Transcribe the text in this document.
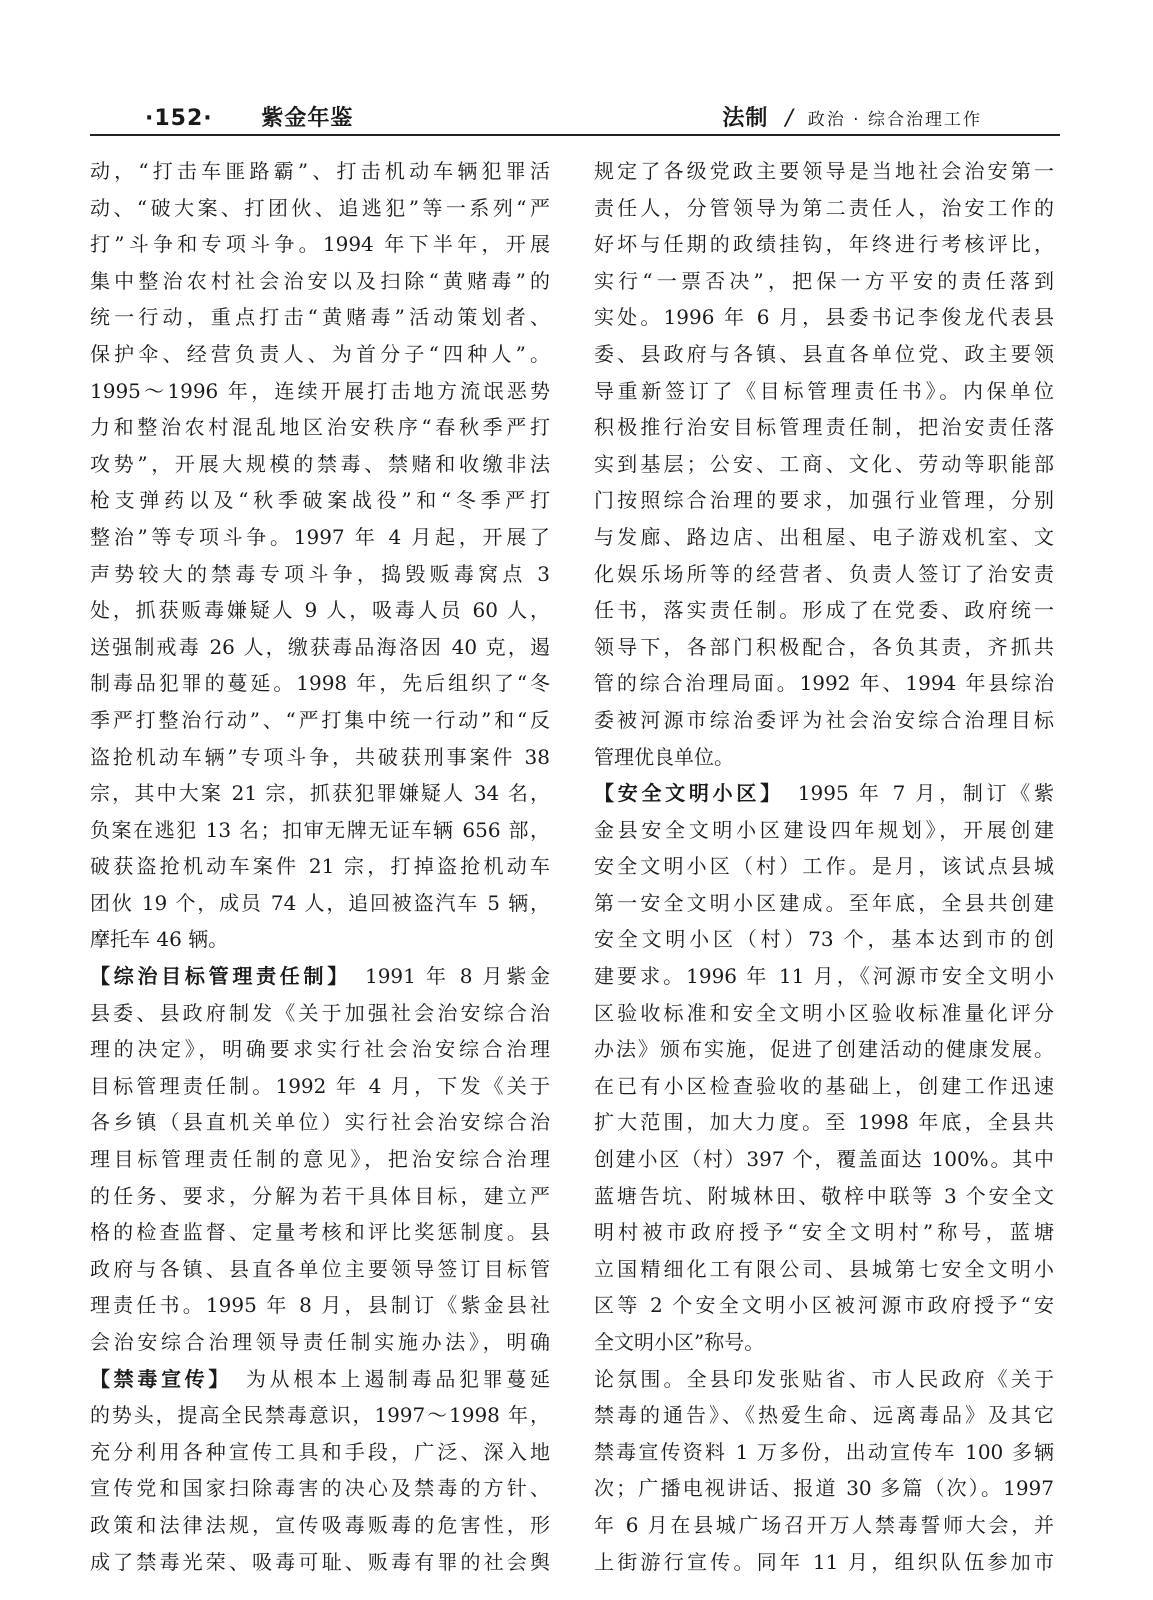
·152· 紫金年鉴	法制 / 政治 · 综合治理工作
动，“打击车匪路霸”、打击机动车辆犯罪活
动、“破大案、打团伙、追逃犯”等一系列“严
打”斗争和专项斗争。1994 年下半年，开展
集中整治农村社会治安以及扫除“黄赌毒”的
统一行动，重点打击“黄赌毒”活动策划者、
保护伞、经营负责人、为首分子“四种人”。
1995～1996 年，连续开展打击地方流氓恶势
力和整治农村混乱地区治安秩序“春秋季严打
攻势”，开展大规模的禁毒、禁赌和收缴非法
枪支弹药以及“秋季破案战役”和“冬季严打
整治”等专项斗争。1997 年 4 月起，开展了
声势较大的禁毒专项斗争，捣毁贩毒窝点 3
处，抓获贩毒嫌疑人 9 人，吸毒人员 60 人，
送强制戒毒 26 人，缴获毒品海洛因 40 克，遏
制毒品犯罪的蔓延。1998 年，先后组织了“冬
季严打整治行动”、“严打集中统一行动”和“反
盗抢机动车辆”专项斗争，共破获刑事案件 38
宗，其中大案 21 宗，抓获犯罪嫌疑人 34 名，
负案在逃犯 13 名；扣审无牌无证车辆 656 部，
破获盗抢机动车案件 21 宗，打掉盗抢机动车
团伙 19 个，成员 74 人，追回被盗汽车 5 辆，
摩托车 46 辆。
【综治目标管理责任制】 1991 年 8 月紫金
县委、县政府制发《关于加强社会治安综合治
理的决定》，明确要求实行社会治安综合治理
目标管理责任制。1992 年 4 月，下发《关于
各乡镇（县直机关单位）实行社会治安综合治
理目标管理责任制的意见》，把治安综合治理
的任务、要求，分解为若干具体目标，建立严
格的检查监督、定量考核和评比奖惩制度。县
政府与各镇、县直各单位主要领导签订目标管
理责任书。1995 年 8 月，县制订《紫金县社
会治安综合治理领导责任制实施办法》，明确
【禁毒宣传】 为从根本上遏制毒品犯罪蔓延
的势头，提高全民禁毒意识，1997～1998 年，
充分利用各种宣传工具和手段，广泛、深入地
宣传党和国家扫除毒害的决心及禁毒的方针、
政策和法律法规，宣传吸毒贩毒的危害性，形
成了禁毒光荣、吸毒可耻、贩毒有罪的社会舆
规定了各级党政主要领导是当地社会治安第一
责任人，分管领导为第二责任人，治安工作的
好坏与任期的政绩挂钩，年终进行考核评比，
实行“一票否决”，把保一方平安的责任落到
实处。1996 年 6 月，县委书记李俊龙代表县
委、县政府与各镇、县直各单位党、政主要领
导重新签订了《目标管理责任书》。内保单位
积极推行治安目标管理责任制，把治安责任落
实到基层；公安、工商、文化、劳动等职能部
门按照综合治理的要求，加强行业管理，分别
与发廊、路边店、出租屋、电子游戏机室、文
化娱乐场所等的经营者、负责人签订了治安责
任书，落实责任制。形成了在党委、政府统一
领导下，各部门积极配合，各负其责，齐抓共
管的综合治理局面。1992 年、1994 年县综治
委被河源市综治委评为社会治安综合治理目标
管理优良单位。
【安全文明小区】 1995 年 7 月，制订《紫
金县安全文明小区建设四年规划》，开展创建
安全文明小区（村）工作。是月，该试点县城
第一安全文明小区建成。至年底，全县共创建
安全文明小区（村）73 个，基本达到市的创
建要求。1996 年 11 月，《河源市安全文明小
区验收标准和安全文明小区验收标准量化评分
办法》颁布实施，促进了创建活动的健康发展。
在已有小区检查验收的基础上，创建工作迅速
扩大范围，加大力度。至 1998 年底，全县共
创建小区（村）397 个，覆盖面达 100%。其中
蓝塘告坑、附城林田、敬梓中联等 3 个安全文
明村被市政府授予“安全文明村”称号，蓝塘
立国精细化工有限公司、县城第七安全文明小
区等 2 个安全文明小区被河源市政府授予“安
全文明小区”称号。
论氛围。全县印发张贴省、市人民政府《关于
禁毒的通告》、《热爱生命、远离毒品》及其它
禁毒宣传资料 1 万多份，出动宣传车 100 多辆
次；广播电视讲话、报道 30 多篇（次）。1997
年 6 月在县城广场召开万人禁毒誓师大会，并
上街游行宣传。同年 11 月，组织队伍参加市
